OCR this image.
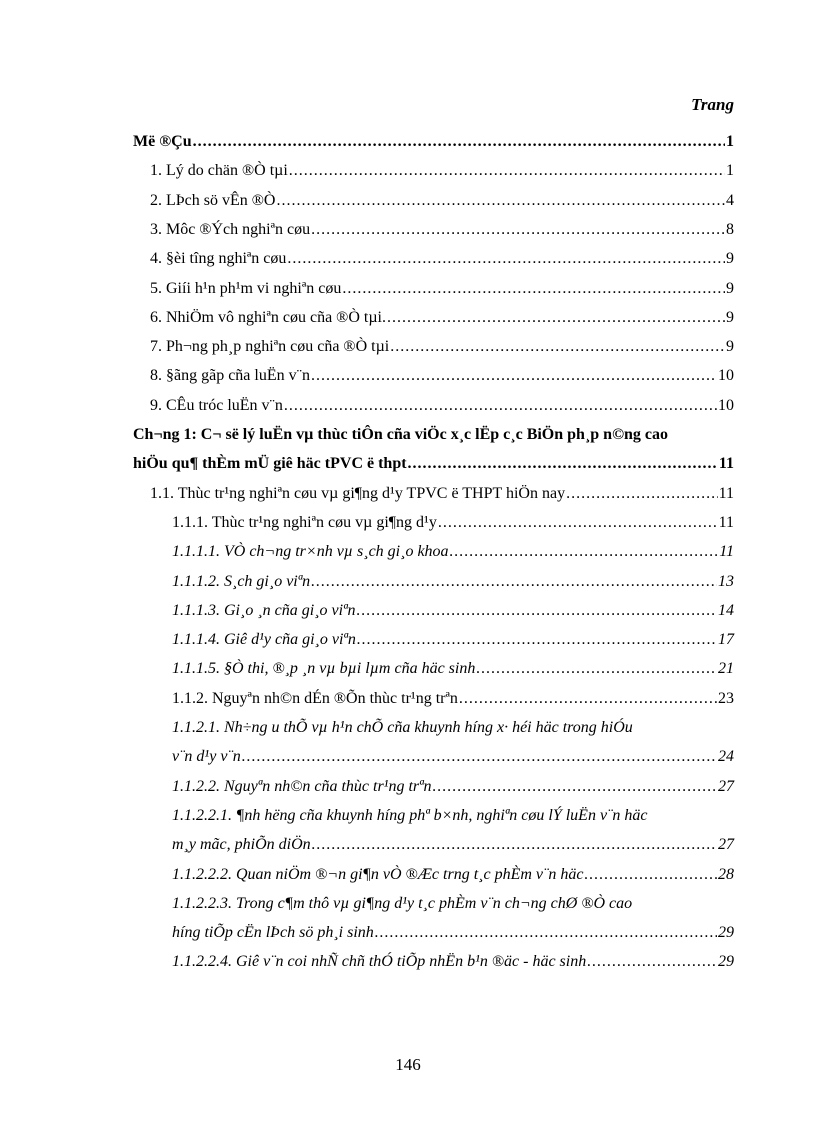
Trang
Më ®Çu .....	1
1. Lý do chän ®Ò tµi .....	1
2. LÞch sö vÊn ®Ò .....	4
3. Môc ®Ých nghiªn cøu .....	8
4. §èi tîng nghiªn cøu .....	9
5. Giíi h¹n ph¹m vi nghiªn cøu .....	9
6. NhiÖm vô nghiªn cøu cña ®Ò tµi. .....	9
7. Ph¬ng ph¸p nghiªn cøu cña ®Ò tµi .....	9
8. §ãng gãp cña luËn v¨n .....	10
9. CÊu tróc luËn v¨n .....	10
Ch¬ng 1: C¬ së lý luËn vµ thùc tiÔn cña viÖc x¸c lËp c¸c BiÖn ph¸p n©ng cao
hiÖu qu¶ thÈm mÜ giê häc tPVC ë thpt .....	11
1.1. Thùc tr¹ng nghiªn cøu vµ gi¶ng d¹y TPVC ë THPT hiÖn nay .....	11
1.1.1. Thùc tr¹ng nghiªn cøu vµ gi¶ng d¹y .....	11
1.1.1.1. VÒ ch¬ng tr×nh vµ s¸ch gi¸o khoa .....	11
1.1.1.2. S¸ch gi¸o viªn .....	13
1.1.1.3. Gi¸o ¸n cña gi¸o viªn .....	14
1.1.1.4. Giê d¹y cña gi¸o viªn .....	17
1.1.1.5. §Ò thi, ®¸p ¸n vµ bµi lµm cña häc sinh .....	21
1.1.2. Nguyªn nh©n dÉn ®Õn thùc tr¹ng trªn .....	23
1.1.2.1. Nh÷ng u thÕ vµ h¹n chÕ cña khuynh híng x· héi häc trong hiÓu
v¨n d¹y v¨n .....	24
1.1.2.2. Nguyªn nh©n cña thùc tr¹ng trªn .....	27
1.1.2.2.1. ¶nh hëng cña khuynh híng phª b×nh, nghiªn cøu lÝ luËn v¨n häc
m¸y mãc, phiÕn diÖn .....	27
1.1.2.2.2. Quan niÖm ®¬n gi¶n vÒ ®Æc trng t¸c phÈm v¨n häc .....	28
1.1.2.2.3. Trong c¶m thô vµ gi¶ng d¹y t¸c phÈm v¨n ch¬ng chØ ®Ò cao
híng tiÕp cËn lÞch sö ph¸i sinh .....	29
1.1.2.2.4. Giê v¨n coi nhÑ chñ thÓ tiÕp nhËn b¹n ®äc - häc sinh .....	29
146
